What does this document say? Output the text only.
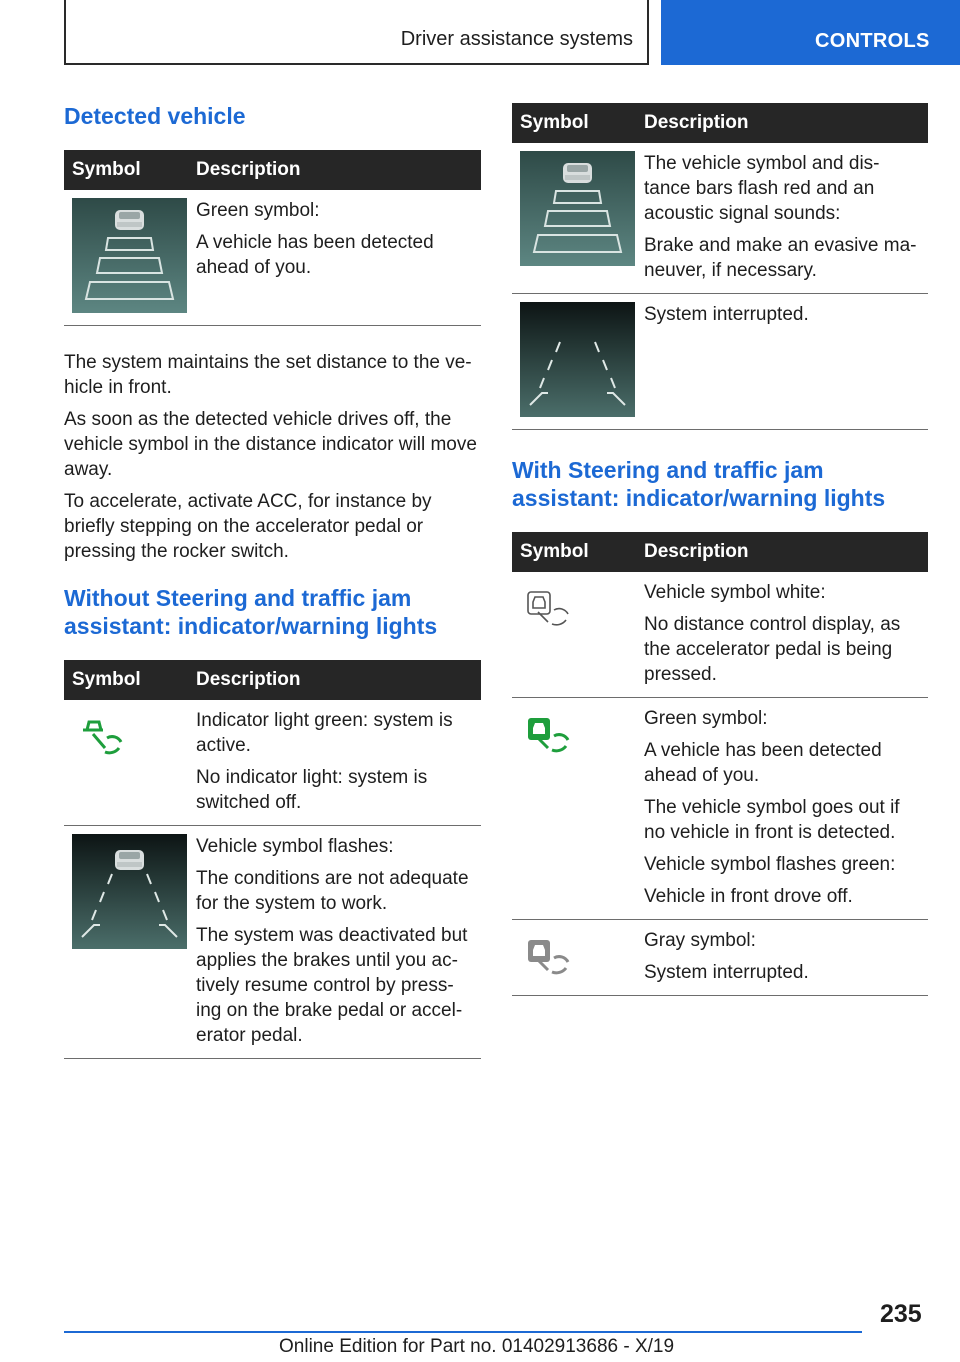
Driver assistance systems	CONTROLS
Detected vehicle
Symbol	Description

Green symbol:
A vehicle has been detected ahead of you.

The system maintains the set distance to the ve-hicle in front.

As soon as the detected vehicle drives off, the vehicle symbol in the distance indicator will move away.

To accelerate, activate ACC, for instance by briefly stepping on the accelerator pedal or pressing the rocker switch.

Without Steering and traffic jam assistant: indicator/warning lights
Symbol	Description

Indicator light green: system is active.
No indicator light: system is switched off.

Vehicle symbol flashes:
The conditions are not adequate for the system to work.
The system was deactivated but applies the brakes until you ac-tively resume control by press-ing on the brake pedal or accel-erator pedal.
Symbol	Description

The vehicle symbol and dis-tance bars flash red and an acoustic signal sounds:
Brake and make an evasive ma-neuver, if necessary.

System interrupted.
With Steering and traffic jam assistant: indicator/warning lights
Symbol	Description

Vehicle symbol white:
No distance control display, as the accelerator pedal is being pressed.

Green symbol:
A vehicle has been detected ahead of you.
The vehicle symbol goes out if no vehicle in front is detected.
Vehicle symbol flashes green:
Vehicle in front drove off.

Gray symbol:
System interrupted.
235
Online Edition for Part no. 01402913686 - X/19
